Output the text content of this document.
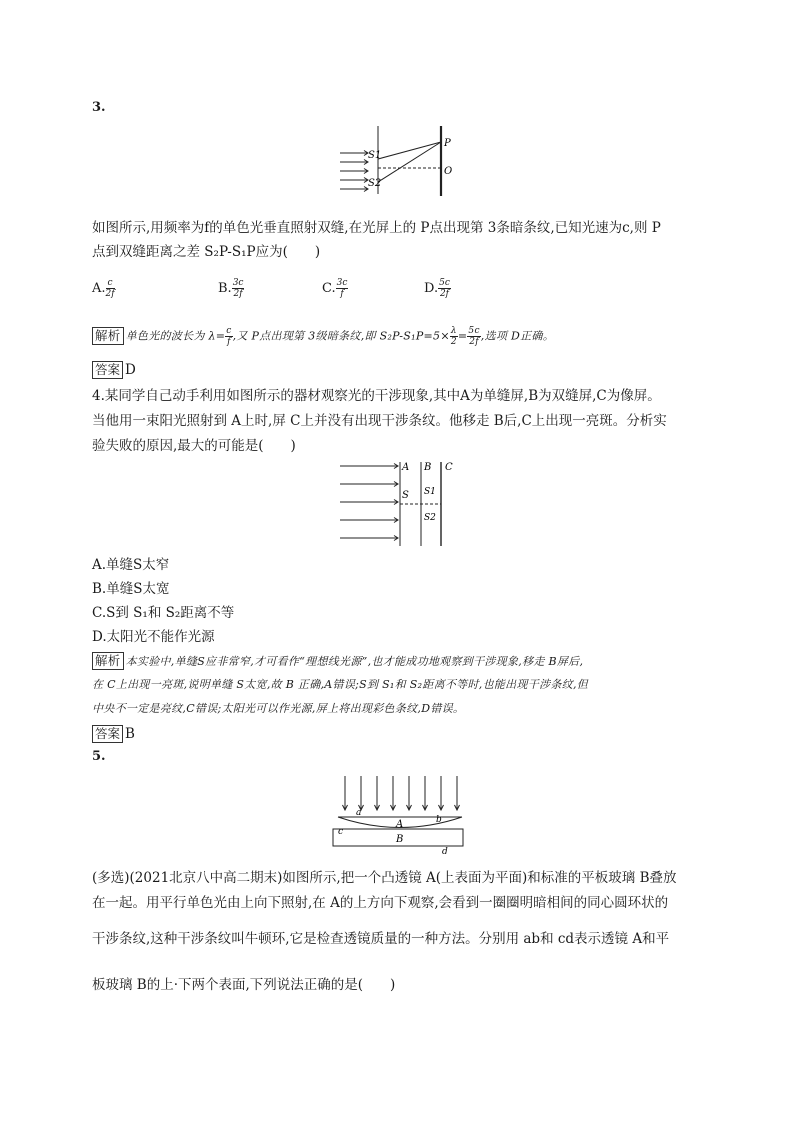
3.
S1
S2
P
O
如图所示,用频率为f的单色光垂直照射双缝,在光屏上的 P点出现第 3条暗条纹,已知光速为c,则 P
点到双缝距离之差 S₂P-S₁P应为(　　)
A. $\frac{c}{2f}$	B. $\frac{3c}{2f}$	C. $\frac{3c}{f}$	D. $\frac{5c}{2f}$
解析 单色光的波长为 $\lambda= \frac{c}{f}$ ,又 P点出现第 3级暗条纹,即 $S_2P-S_1P=5\times \frac{\lambda}{2} = \frac{5c}{2f}$ ,选项 D正确。
答案 D
4.某同学自己动手利用如图所示的器材观察光的干涉现象,其中A为单缝屏,B为双缝屏,C为像屏。
当他用一束阳光照射到 A上时,屏 C上并没有出现干涉条纹。他移走 B后,C上出现一亮斑。分析实
验失败的原因,最大的可能是(　　)
A B C
S S1
S2
A.单缝S太窄
B.单缝S太宽
C.S到 S₁和 S₂距离不等
D.太阳光不能作光源
解析 本实验中,单缝S应非常窄,才可看作“理想线光源”,也才能成功地观察到干涉现象,移走 B屏后,
在 C上出现一亮斑,说明单缝 S太宽,故 B 正确,A错误;S到 S₁和 S₂距离不等时,也能出现干涉条纹,但
中央不一定是亮纹,C错误;太阳光可以作光源,屏上将出现彩色条纹,D错误。
答案 B
5.
a
b
A
c
B
d
(多选)(2021北京八中高二期末)如图所示,把一个凸透镜 A(上表面为平面)和标准的平板玻璃 B叠放
在一起。用平行单色光由上向下照射,在 A的上方向下观察,会看到一圈圈明暗相间的同心圆环状的
干涉条纹,这种干涉条纹叫牛顿环,它是检查透镜质量的一种方法。分别用 ab和 cd表示透镜 A和平
板玻璃 B的上·下两个表面,下列说法正确的是(　　)
